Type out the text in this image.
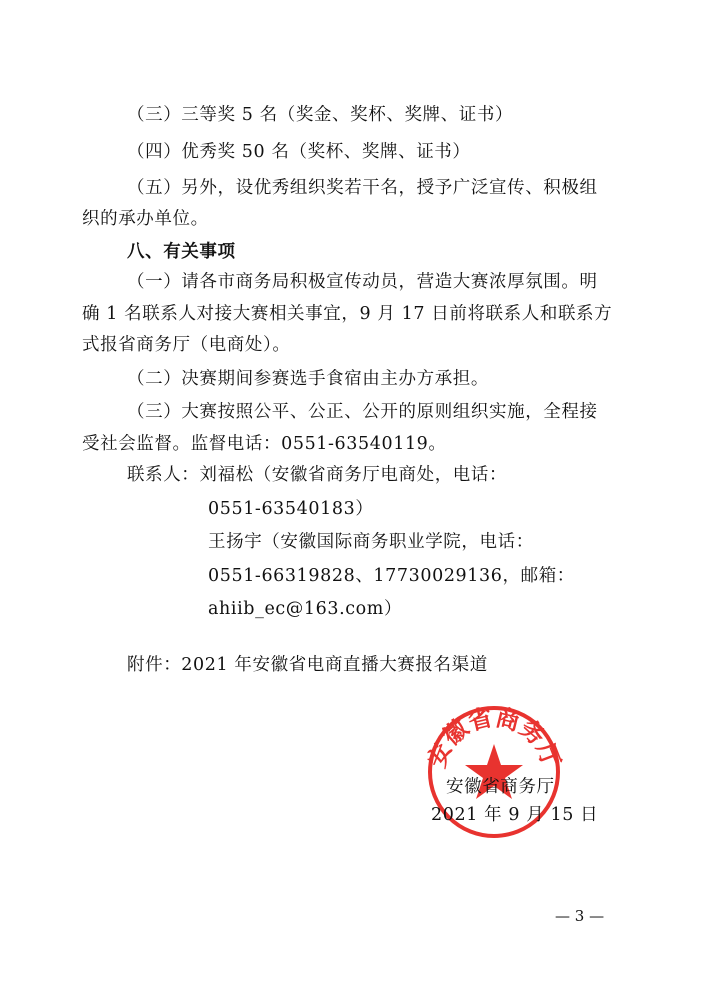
（三）三等奖 5 名（奖金、奖杯、奖牌、证书）
（四）优秀奖 50 名（奖杯、奖牌、证书）
（五）另外，设优秀组织奖若干名，授予广泛宣传、积极组
织的承办单位。
八、有关事项
（一）请各市商务局积极宣传动员，营造大赛浓厚氛围。明
确 1 名联系人对接大赛相关事宜，9 月 17 日前将联系人和联系方
式报省商务厅（电商处）。
（二）决赛期间参赛选手食宿由主办方承担。
（三）大赛按照公平、公正、公开的原则组织实施，全程接
受社会监督。监督电话：0551-63540119。
联系人：刘福松（安徽省商务厅电商处，电话：
0551-63540183）
王扬宇（安徽国际商务职业学院，电话：
0551-66319828、17730029136，邮箱：
ahiib_ec@163.com）
附件：2021 年安徽省电商直播大赛报名渠道
安徽省商务厅
安徽省商务厅
2021 年 9 月 15 日
— 3 —
